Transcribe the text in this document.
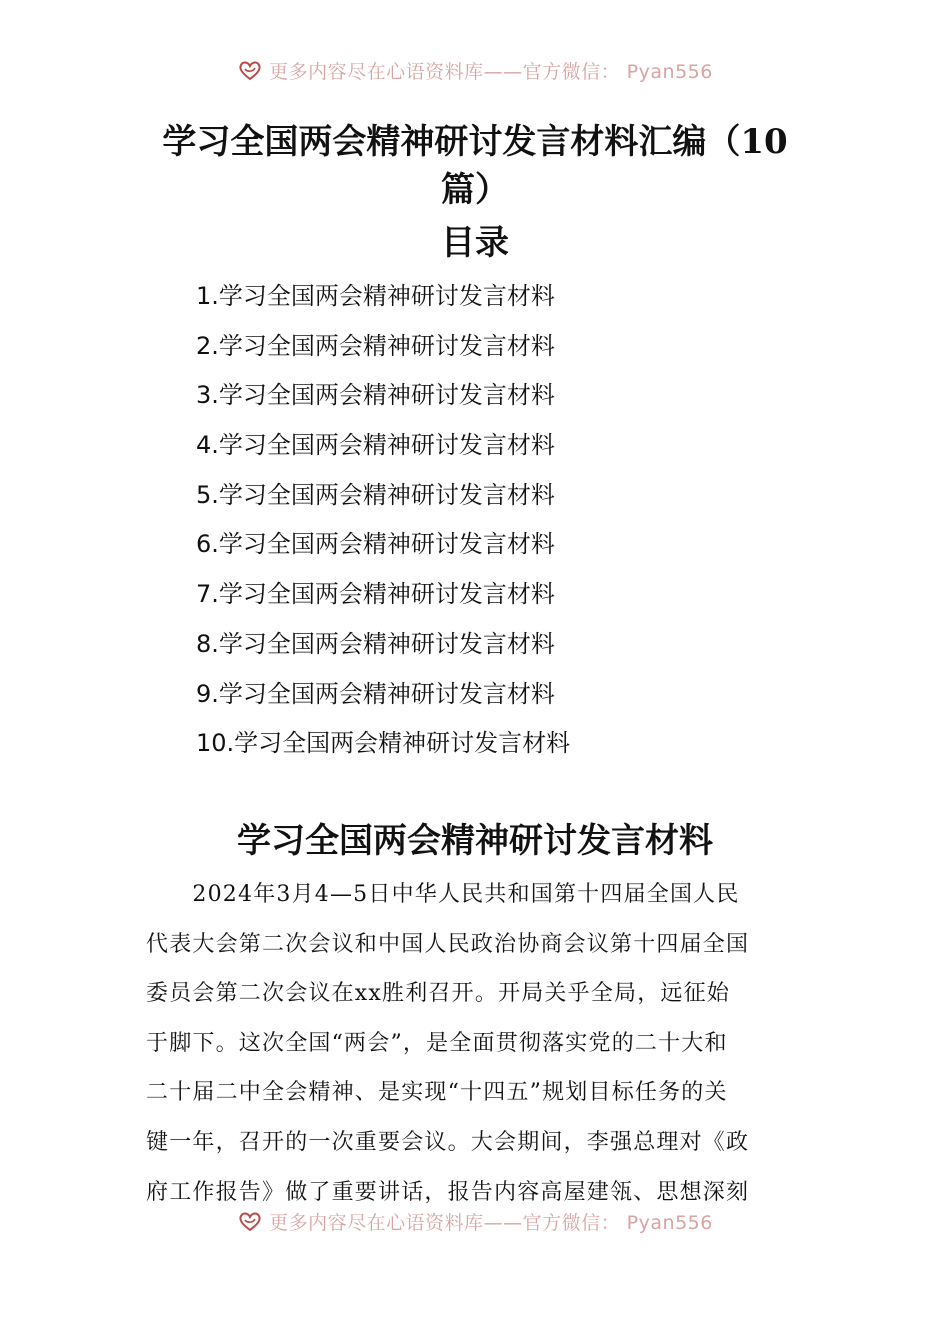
更多内容尽在心语资料库——官方微信： Pyan556
学习全国两会精神研讨发言材料汇编（10篇）
目录
1.学习全国两会精神研讨发言材料
2.学习全国两会精神研讨发言材料
3.学习全国两会精神研讨发言材料
4.学习全国两会精神研讨发言材料
5.学习全国两会精神研讨发言材料
6.学习全国两会精神研讨发言材料
7.学习全国两会精神研讨发言材料
8.学习全国两会精神研讨发言材料
9.学习全国两会精神研讨发言材料
10.学习全国两会精神研讨发言材料
学习全国两会精神研讨发言材料
　　2024年3月4—5日中华人民共和国第十四届全国人民
代表大会第二次会议和中国人民政治协商会议第十四届全国
委员会第二次会议在xx胜利召开。开局关乎全局，远征始
于脚下。这次全国“两会”，是全面贯彻落实党的二十大和
二十届二中全会精神、是实现“十四五”规划目标任务的关
键一年，召开的一次重要会议。大会期间，李强总理对《政
府工作报告》做了重要讲话，报告内容高屋建瓴、思想深刻
更多内容尽在心语资料库——官方微信： Pyan556
